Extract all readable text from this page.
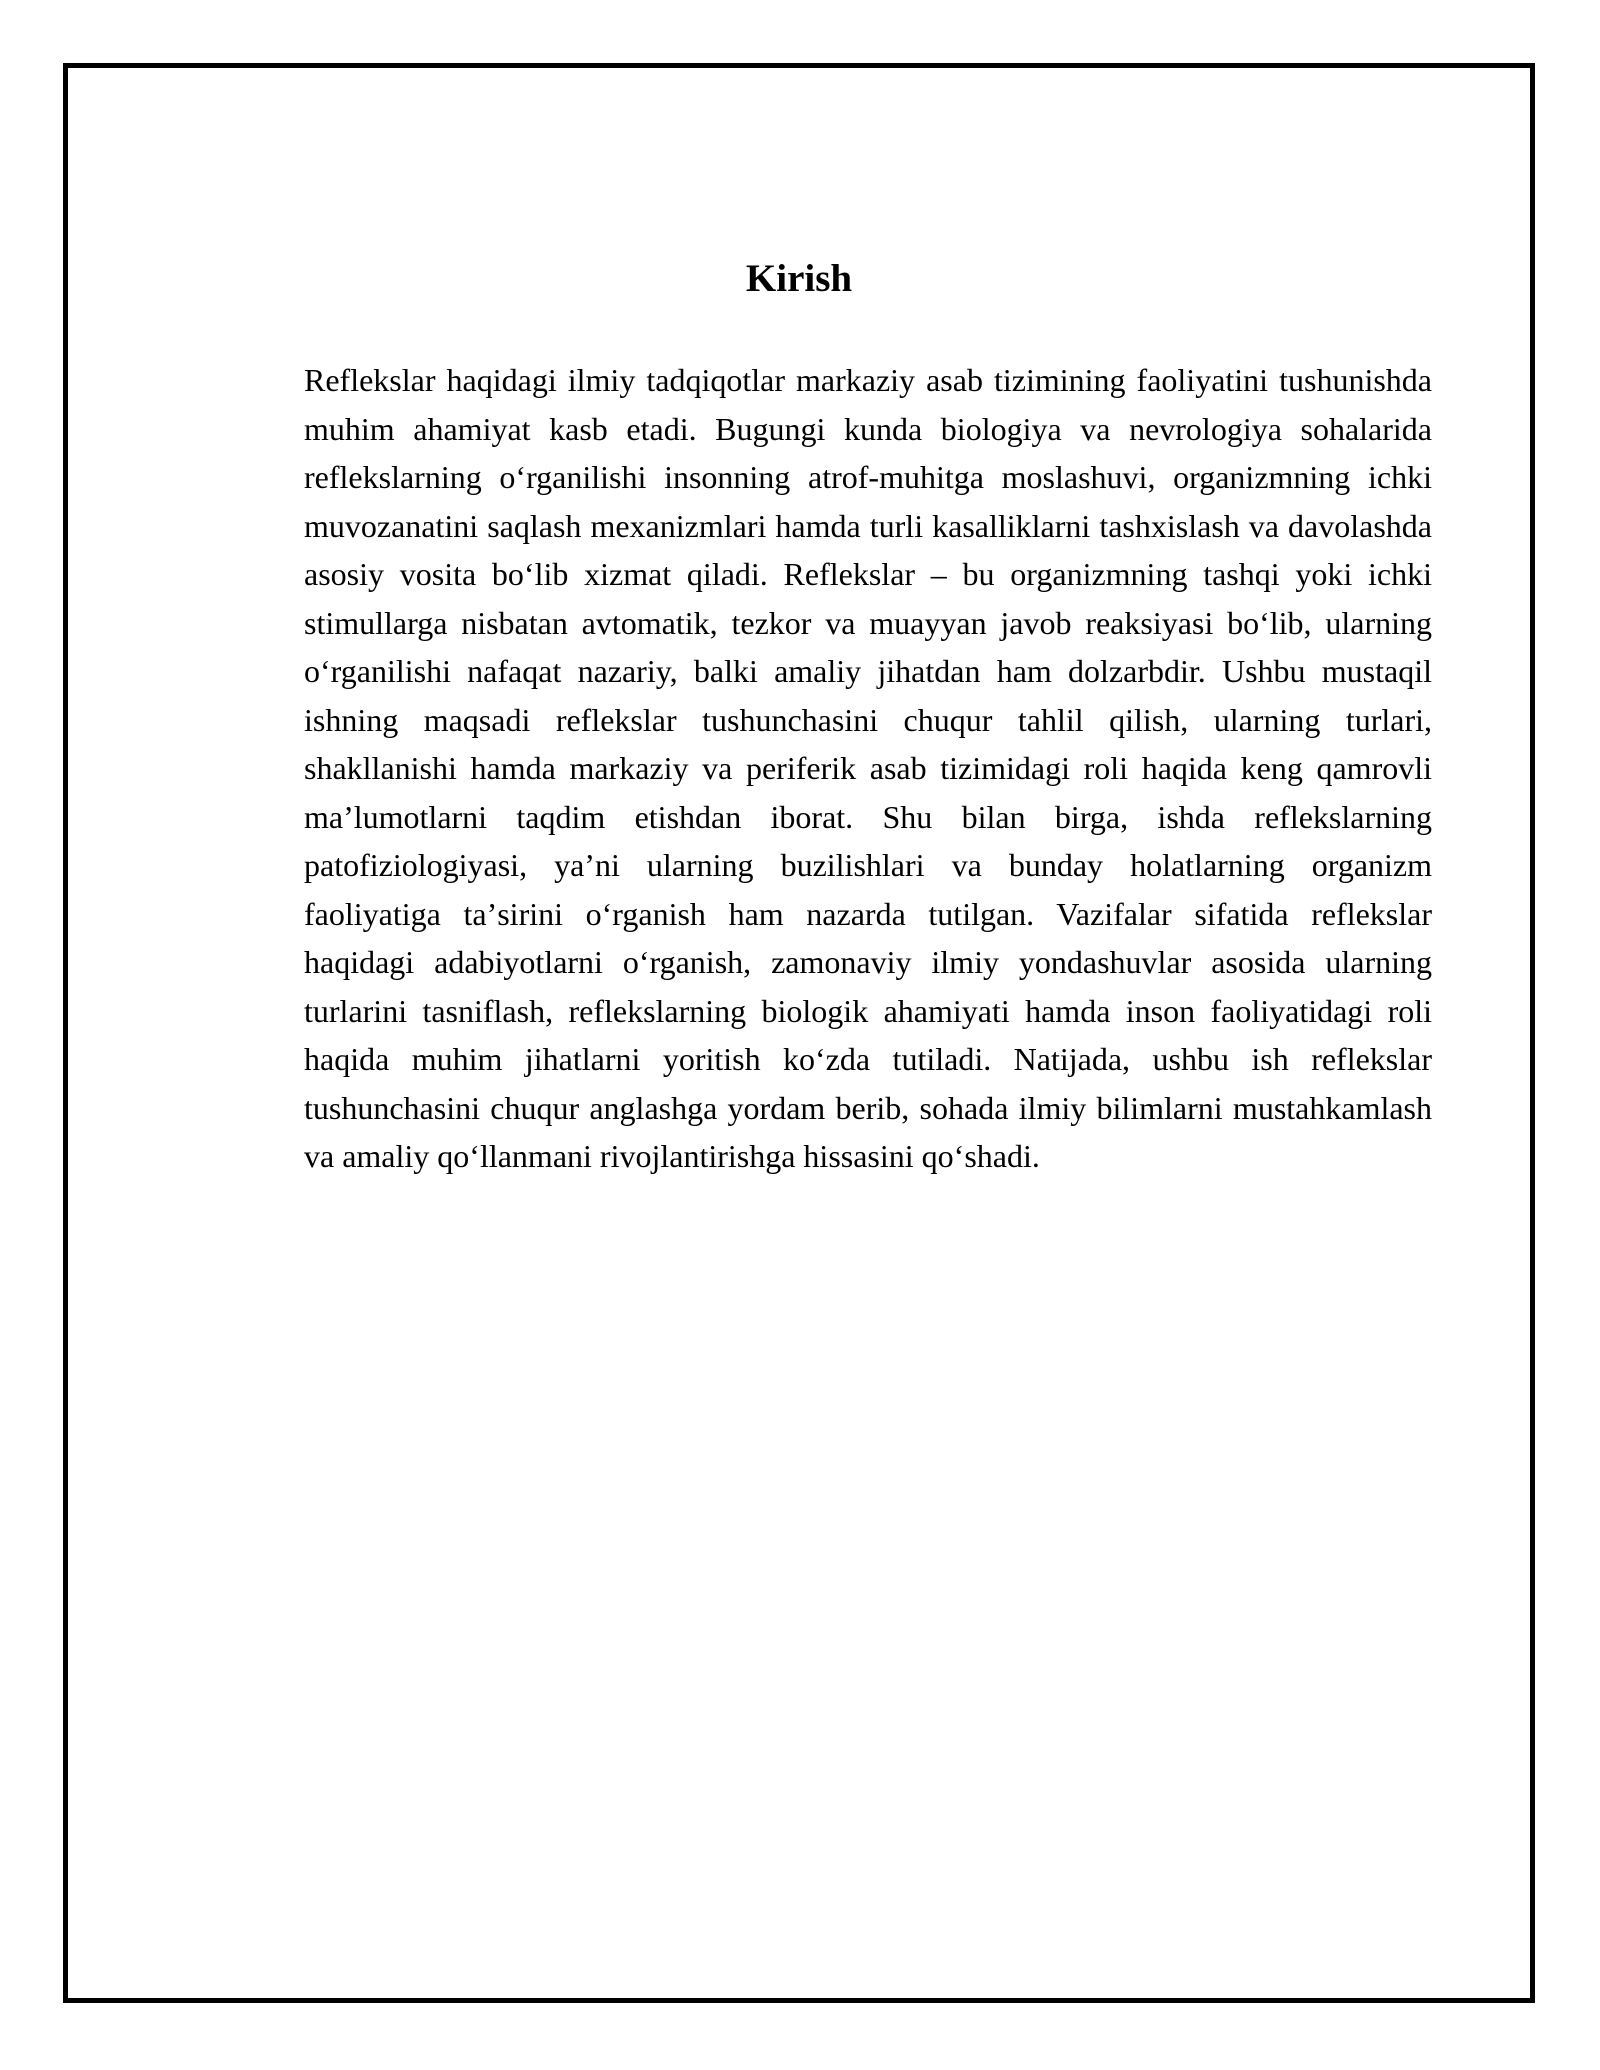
Kirish

Reflekslar haqidagi ilmiy tadqiqotlar markaziy asab tizimining faoliyatini tushunishda muhim ahamiyat kasb etadi. Bugungi kunda biologiya va nevrologiya sohalarida reflekslarning oʻrganilishi insonning atrof-muhitga moslashuvi, organizmning ichki muvozanatini saqlash mexanizmlari hamda turli kasalliklarni tashxislash va davolashda asosiy vosita boʻlib xizmat qiladi. Reflekslar – bu organizmning tashqi yoki ichki stimullarga nisbatan avtomatik, tezkor va muayyan javob reaksiyasi boʻlib, ularning oʻrganilishi nafaqat nazariy, balki amaliy jihatdan ham dolzarbdir. Ushbu mustaqil ishning maqsadi reflekslar tushunchasini chuqur tahlil qilish, ularning turlari, shakllanishi hamda markaziy va periferik asab tizimidagi roli haqida keng qamrovli maʼlumotlarni taqdim etishdan iborat. Shu bilan birga, ishda reflekslarning patofiziologiyasi, yaʼni ularning buzilishlari va bunday holatlarning organizm faoliyatiga taʼsirini oʻrganish ham nazarda tutilgan. Vazifalar sifatida reflekslar haqidagi adabiyotlarni oʻrganish, zamonaviy ilmiy yondashuvlar asosida ularning turlarini tasniflash, reflekslarning biologik ahamiyati hamda inson faoliyatidagi roli haqida muhim jihatlarni yoritish koʻzda tutiladi. Natijada, ushbu ish reflekslar tushunchasini chuqur anglashga yordam berib, sohada ilmiy bilimlarni mustahkamlash va amaliy qoʻllanmani rivojlantirishga hissasini qoʻshadi.
